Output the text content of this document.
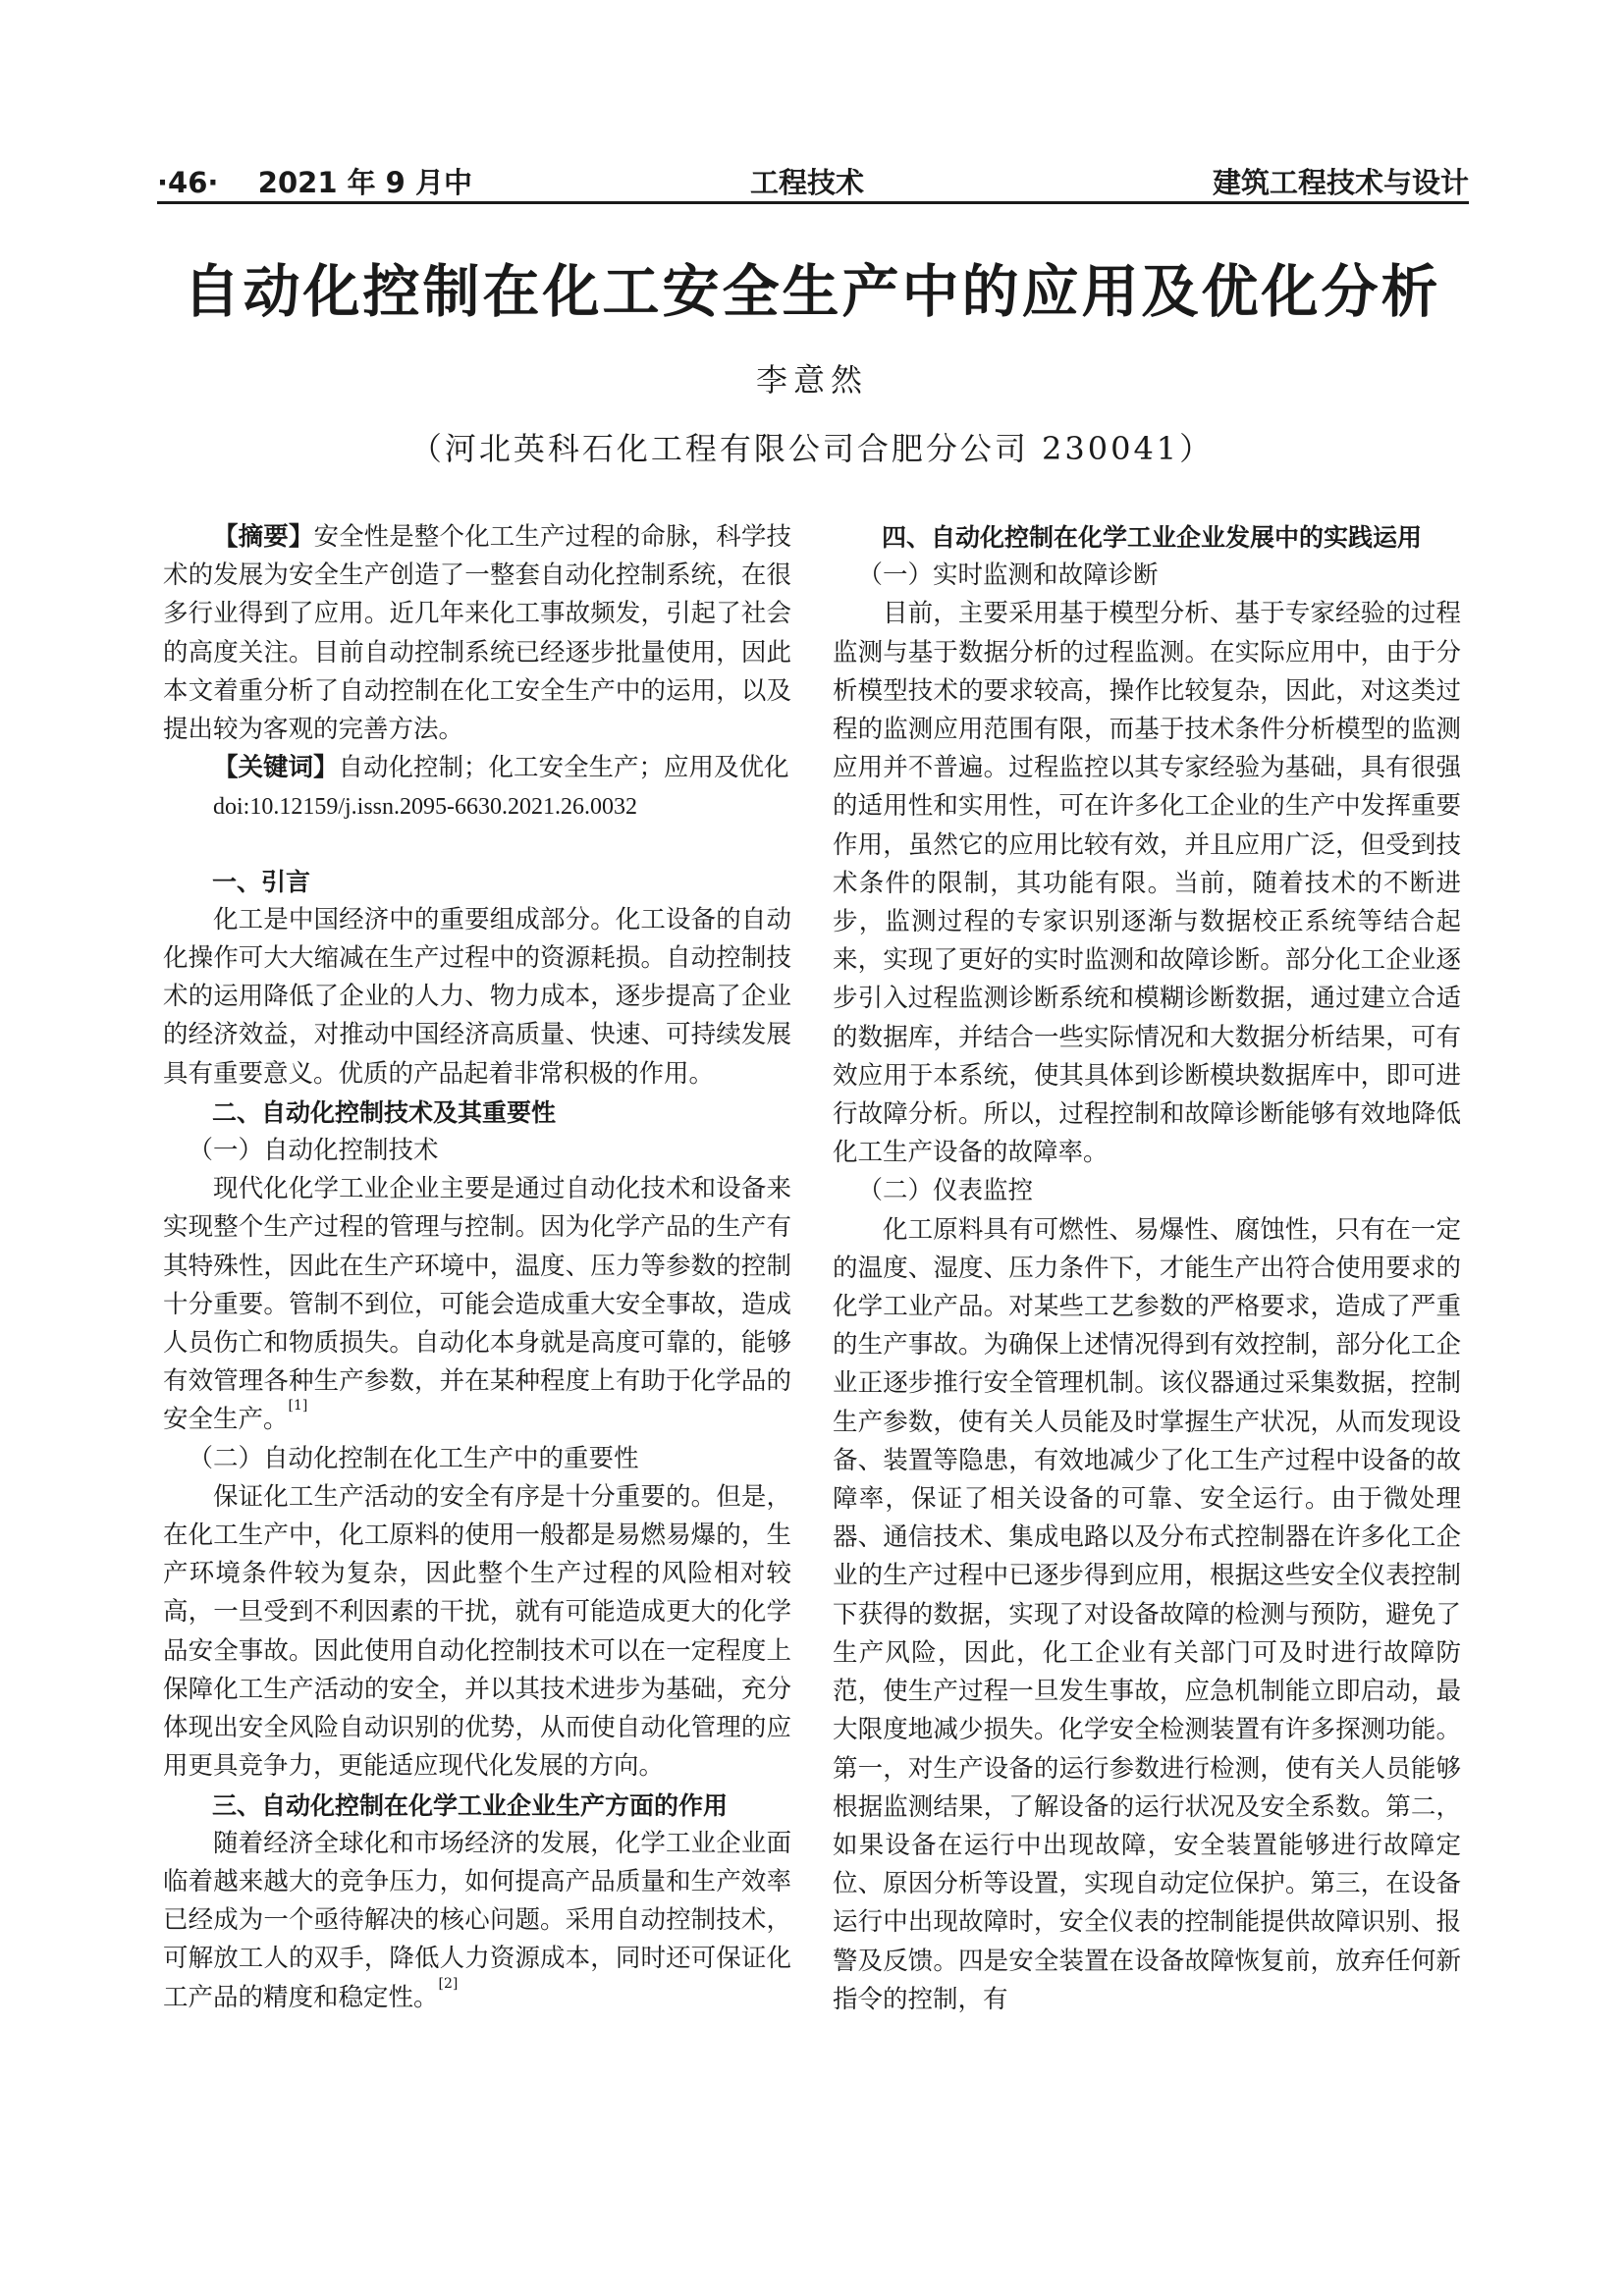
·46· 2021 年 9 月中	工程技术	建筑工程技术与设计
自动化控制在化工安全生产中的应用及优化分析
李意然
（河北英科石化工程有限公司合肥分公司 230041）

【摘要】安全性是整个化工生产过程的命脉，科学技术的发展为安全生产创造了一整套自动化控制系统，在很多行业得到了应用。近几年来化工事故频发，引起了社会的高度关注。目前自动控制系统已经逐步批量使用，因此本文着重分析了自动控制在化工安全生产中的运用，以及提出较为客观的完善方法。

【关键词】自动化控制；化工安全生产；应用及优化

doi:10.12159/j.issn.2095-6630.2021.26.0032

一、引言

化工是中国经济中的重要组成部分。化工设备的自动化操作可大大缩减在生产过程中的资源耗损。自动控制技术的运用降低了企业的人力、物力成本，逐步提高了企业的经济效益，对推动中国经济高质量、快速、可持续发展具有重要意义。优质的产品起着非常积极的作用。

二、自动化控制技术及其重要性

（一）自动化控制技术

现代化化学工业企业主要是通过自动化技术和设备来实现整个生产过程的管理与控制。因为化学产品的生产有其特殊性，因此在生产环境中，温度、压力等参数的控制十分重要。管制不到位，可能会造成重大安全事故，造成人员伤亡和物质损失。自动化本身就是高度可靠的，能够有效管理各种生产参数，并在某种程度上有助于化学品的安全生产。[1]

（二）自动化控制在化工生产中的重要性

保证化工生产活动的安全有序是十分重要的。但是，在化工生产中，化工原料的使用一般都是易燃易爆的，生产环境条件较为复杂，因此整个生产过程的风险相对较高，一旦受到不利因素的干扰，就有可能造成更大的化学品安全事故。因此使用自动化控制技术可以在一定程度上保障化工生产活动的安全，并以其技术进步为基础，充分体现出安全风险自动识别的优势，从而使自动化管理的应用更具竞争力，更能适应现代化发展的方向。

三、自动化控制在化学工业企业生产方面的作用

随着经济全球化和市场经济的发展，化学工业企业面临着越来越大的竞争压力，如何提高产品质量和生产效率已经成为一个亟待解决的核心问题。采用自动控制技术，可解放工人的双手，降低人力资源成本，同时还可保证化工产品的精度和稳定性。[2]

四、自动化控制在化学工业企业发展中的实践运用

（一）实时监测和故障诊断

目前，主要采用基于模型分析、基于专家经验的过程监测与基于数据分析的过程监测。在实际应用中，由于分析模型技术的要求较高，操作比较复杂，因此，对这类过程的监测应用范围有限，而基于技术条件分析模型的监测应用并不普遍。过程监控以其专家经验为基础，具有很强的适用性和实用性，可在许多化工企业的生产中发挥重要作用，虽然它的应用比较有效，并且应用广泛，但受到技术条件的限制，其功能有限。当前，随着技术的不断进步，监测过程的专家识别逐渐与数据校正系统等结合起来，实现了更好的实时监测和故障诊断。部分化工企业逐步引入过程监测诊断系统和模糊诊断数据，通过建立合适的数据库，并结合一些实际情况和大数据分析结果，可有效应用于本系统，使其具体到诊断模块数据库中，即可进行故障分析。所以，过程控制和故障诊断能够有效地降低化工生产设备的故障率。

（二）仪表监控

化工原料具有可燃性、易爆性、腐蚀性，只有在一定的温度、湿度、压力条件下，才能生产出符合使用要求的化学工业产品。对某些工艺参数的严格要求，造成了严重的生产事故。为确保上述情况得到有效控制，部分化工企业正逐步推行安全管理机制。该仪器通过采集数据，控制生产参数，使有关人员能及时掌握生产状况，从而发现设备、装置等隐患，有效地减少了化工生产过程中设备的故障率，保证了相关设备的可靠、安全运行。由于微处理器、通信技术、集成电路以及分布式控制器在许多化工企业的生产过程中已逐步得到应用，根据这些安全仪表控制下获得的数据，实现了对设备故障的检测与预防，避免了生产风险，因此，化工企业有关部门可及时进行故障防范，使生产过程一旦发生事故，应急机制能立即启动，最大限度地减少损失。化学安全检测装置有许多探测功能。第一，对生产设备的运行参数进行检测，使有关人员能够根据监测结果，了解设备的运行状况及安全系数。第二，如果设备在运行中出现故障，安全装置能够进行故障定位、原因分析等设置，实现自动定位保护。第三，在设备运行中出现故障时，安全仪表的控制能提供故障识别、报警及反馈。四是安全装置在设备故障恢复前，放弃任何新指令的控制，有
